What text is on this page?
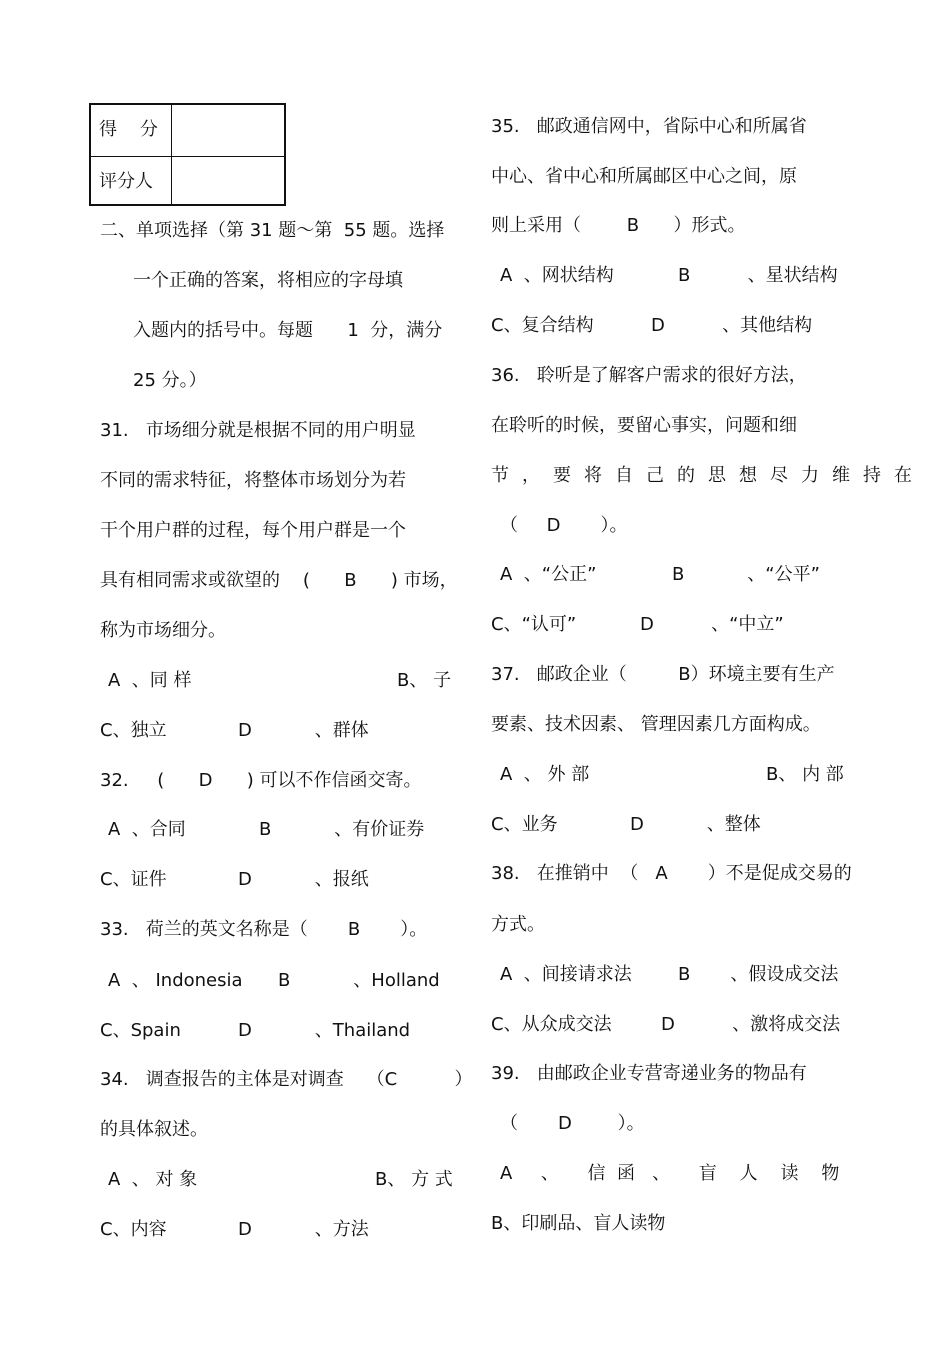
得    分
评分人
二、单项选择（第 31 题～第  55 题。选择
一个正确的答案，将相应的字母填
入题内的括号中。每题      1  分，满分
25 分。）
31.   市场细分就是根据不同的用户明显
不同的需求特征，将整体市场划分为若
干个用户群的过程，每个用户群是一个
具有相同需求或欲望的    (      B      ) 市场，
称为市场细分。
A  、同 样	B、 子
C、独立	D           、群体
32.     (      D      ) 可以不作信函交寄。
A  、合同	B           、有价证券
C、证件	D           、报纸
33.   荷兰的英文名称是（       B       ）。
A  、 Indonesia B           、Holland
C、Spain	D           、Thailand
34.   调查报告的主体是对调查    （C          ）
的具体叙述。
A  、 对 象	B、 方 式
C、内容	D           、方法
35.   邮政通信网中，省际中心和所属省
中心、省中心和所属邮区中心之间，原
则上采用（        B      ）形式。
A  、网状结构	B          、星状结构
C、复合结构	D          、其他结构
36.   聆听是了解客户需求的很好方法，
在聆听的时候，要留心事实，问题和细
节，要将自己的思想尽力维持在
（     D       ）。
A  、“公正”	B           、“公平”
C、“认可”	D          、“中立”
37.   邮政企业（         B）环境主要有生产
要素、技术因素、 管理因素几方面构成。
A  、 外 部	B、 内 部
C、业务	D           、整体
38.   在推销中  （   A       ）不是促成交易的
方式。
A  、间接请求法	B       、假设成交法
C、从众成交法	D          、激将成交法
39.   由邮政企业专营寄递业务的物品有
（       D        ）。
A     、     信  函   、     盲    人    读    物
B、印刷品、盲人读物
